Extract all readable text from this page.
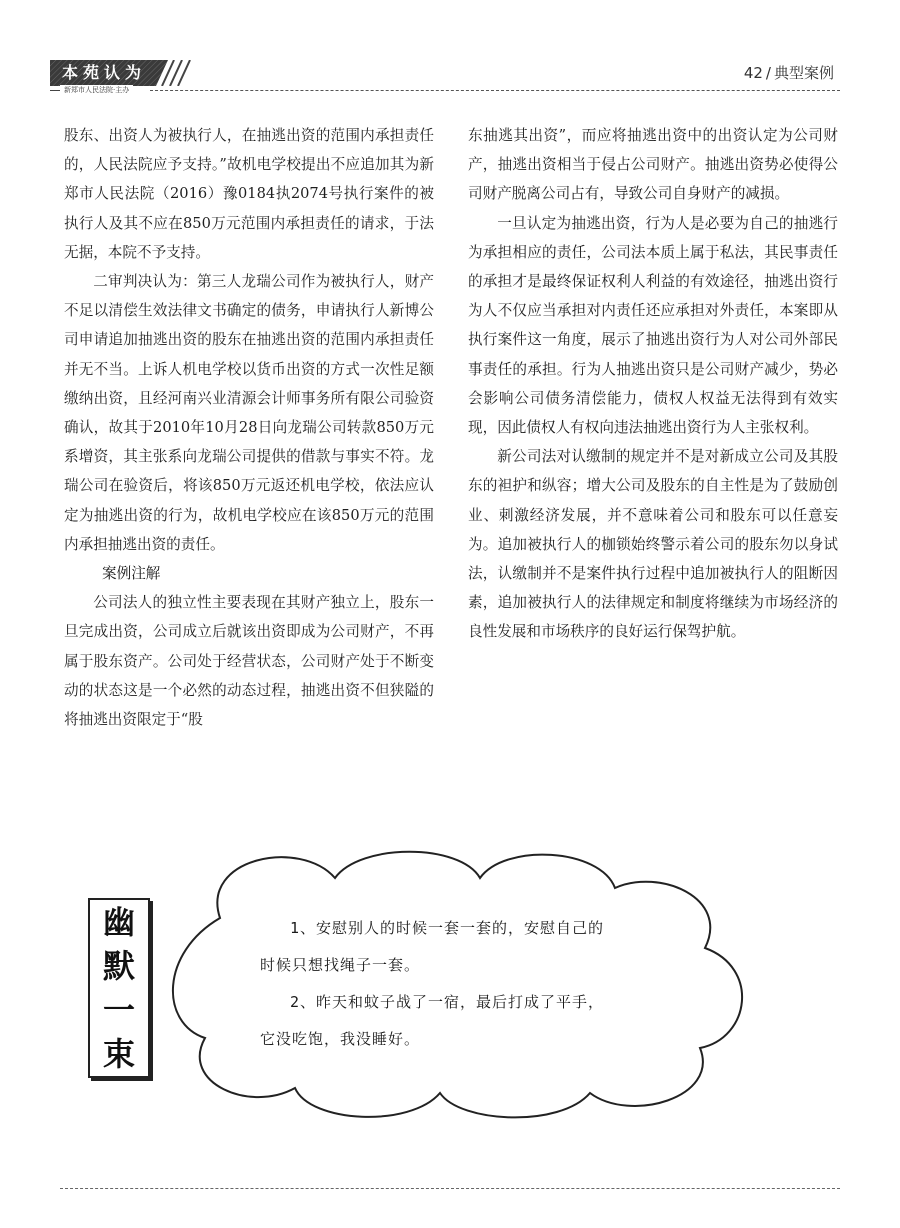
本苑认为
新郑市人民法院·主办
42 / 典型案例

股东、出资人为被执行人，在抽逃出资的范围内承担责任的，人民法院应予支持。”故机电学校提出不应追加其为新郑市人民法院（2016）豫0184执2074号执行案件的被执行人及其不应在850万元范围内承担责任的请求，于法无据，本院不予支持。

二审判决认为：第三人龙瑞公司作为被执行人，财产不足以清偿生效法律文书确定的债务，申请执行人新博公司申请追加抽逃出资的股东在抽逃出资的范围内承担责任并无不当。上诉人机电学校以货币出资的方式一次性足额缴纳出资，且经河南兴业清源会计师事务所有限公司验资确认，故其于2010年10月28日向龙瑞公司转款850万元系增资，其主张系向龙瑞公司提供的借款与事实不符。龙瑞公司在验资后，将该850万元返还机电学校，依法应认定为抽逃出资的行为，故机电学校应在该850万元的范围内承担抽逃出资的责任。

案例注解

公司法人的独立性主要表现在其财产独立上，股东一旦完成出资，公司成立后就该出资即成为公司财产，不再属于股东资产。公司处于经营状态，公司财产处于不断变动的状态这是一个必然的动态过程，抽逃出资不但狭隘的将抽逃出资限定于“股

东抽逃其出资”，而应将抽逃出资中的出资认定为公司财产，抽逃出资相当于侵占公司财产。抽逃出资势必使得公司财产脱离公司占有，导致公司自身财产的减损。

一旦认定为抽逃出资，行为人是必要为自己的抽逃行为承担相应的责任，公司法本质上属于私法，其民事责任的承担才是最终保证权利人利益的有效途径，抽逃出资行为人不仅应当承担对内责任还应承担对外责任，本案即从执行案件这一角度，展示了抽逃出资行为人对公司外部民事责任的承担。行为人抽逃出资只是公司财产减少，势必会影响公司债务清偿能力，债权人权益无法得到有效实现，因此债权人有权向违法抽逃出资行为人主张权利。

新公司法对认缴制的规定并不是对新成立公司及其股东的袒护和纵容；增大公司及股东的自主性是为了鼓励创业、刺激经济发展，并不意味着公司和股东可以任意妄为。追加被执行人的枷锁始终警示着公司的股东勿以身试法，认缴制并不是案件执行过程中追加被执行人的阻断因素，追加被执行人的法律规定和制度将继续为市场经济的良性发展和市场秩序的良好运行保驾护航。

幽
默
一
束

1、安慰别人的时候一套一套的，安慰自己的

时候只想找绳子一套。

2、昨天和蚊子战了一宿，最后打成了平手，

它没吃饱，我没睡好。
